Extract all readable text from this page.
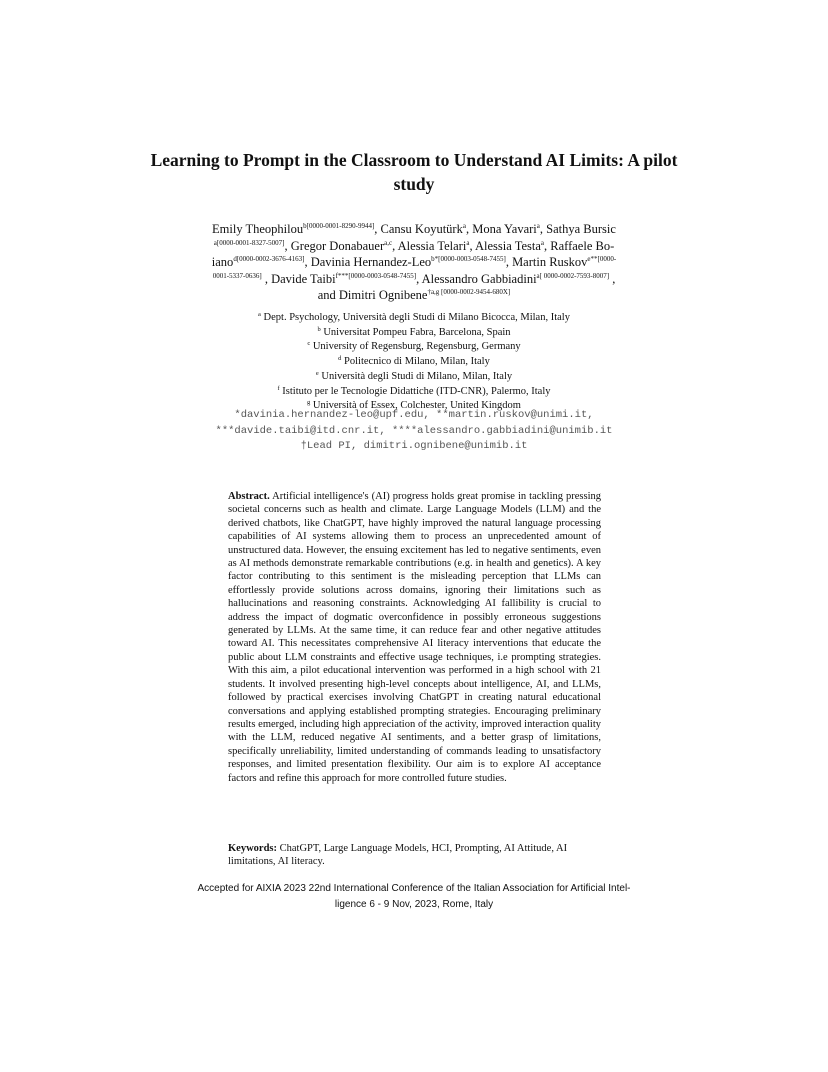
Learning to Prompt in the Classroom to Understand AI Limits: A pilot study
Emily Theophilou$^{b[0000-0001-8290-9944]}$, Cansu Koyutürk$^a$, Mona Yavari$^a$, Sathya Bursic
$^{a[0000-0001-8327-5007]}$, Gregor Donabauer$^{a,c}$, Alessia Telari$^a$, Alessia Testa$^a$, Raffaele Bo-
iano$^{d[0000-0002-3676-4163]}$, Davinia Hernandez-Leo$^{b*[0000-0003-0548-7455]}$, Martin Ruskov$^{e**[0000-}$
$^{0001-5337-0636]}$ , Davide Taibi$^{f***[0000-0003-0548-7455]}$, Alessandro Gabbiadini$^{a[ 0000-0002-7593-8007]}$ ,
and Dimitri Ognibene$^{\dagger a,g [0000-0002-9454-680X]}$
$^a$ Dept. Psychology, Università degli Studi di Milano Bicocca, Milan, Italy
$^b$ Universitat Pompeu Fabra, Barcelona, Spain
$^c$ University of Regensburg, Regensburg, Germany
$^d$ Politecnico di Milano, Milan, Italy
$^e$ Università degli Studi di Milano, Milan, Italy
$^f$ Istituto per le Tecnologie Didattiche (ITD-CNR), Palermo, Italy
$^g$ Università of Essex, Colchester, United Kingdom
*davinia.hernandez-leo@upf.edu, **martin.ruskov@unimi.it,
***davide.taibi@itd.cnr.it, ****alessandro.gabbiadini@unimib.it
†Lead PI, dimitri.ognibene@unimib.it
Abstract. Artificial intelligence's (AI) progress holds great promise in tackling pressing societal concerns such as health and climate. Large Language Models (LLM) and the derived chatbots, like ChatGPT, have highly improved the natural language processing capabilities of AI systems allowing them to process an unprecedented amount of unstructured data. However, the ensuing excitement has led to negative sentiments, even as AI methods demonstrate remarkable contributions (e.g. in health and genetics). A key factor contributing to this sentiment is the misleading perception that LLMs can effortlessly provide solutions across domains, ignoring their limitations such as hallucinations and reasoning constraints. Acknowledging AI fallibility is crucial to address the impact of dogmatic overconfidence in possibly erroneous suggestions generated by LLMs. At the same time, it can reduce fear and other negative attitudes toward AI. This necessitates comprehensive AI literacy interventions that educate the public about LLM constraints and effective usage techniques, i.e prompting strategies. With this aim, a pilot educational intervention was performed in a high school with 21 students. It involved presenting high-level concepts about intelligence, AI, and LLMs, followed by practical exercises involving ChatGPT in creating natural educational conversations and applying established prompting strategies. Encouraging preliminary results emerged, including high appreciation of the activity, improved interaction quality with the LLM, reduced negative AI sentiments, and a better grasp of limitations, specifically unreliability, limited understanding of commands leading to unsatisfactory responses, and limited presentation flexibility. Our aim is to explore AI acceptance factors and refine this approach for more controlled future studies.
Keywords: ChatGPT, Large Language Models, HCI, Prompting, AI Attitude, AI limitations, AI literacy.
Accepted for AIXIA 2023 22nd International Conference of the Italian Association for Artificial Intel-
ligence 6 - 9 Nov, 2023, Rome, Italy
